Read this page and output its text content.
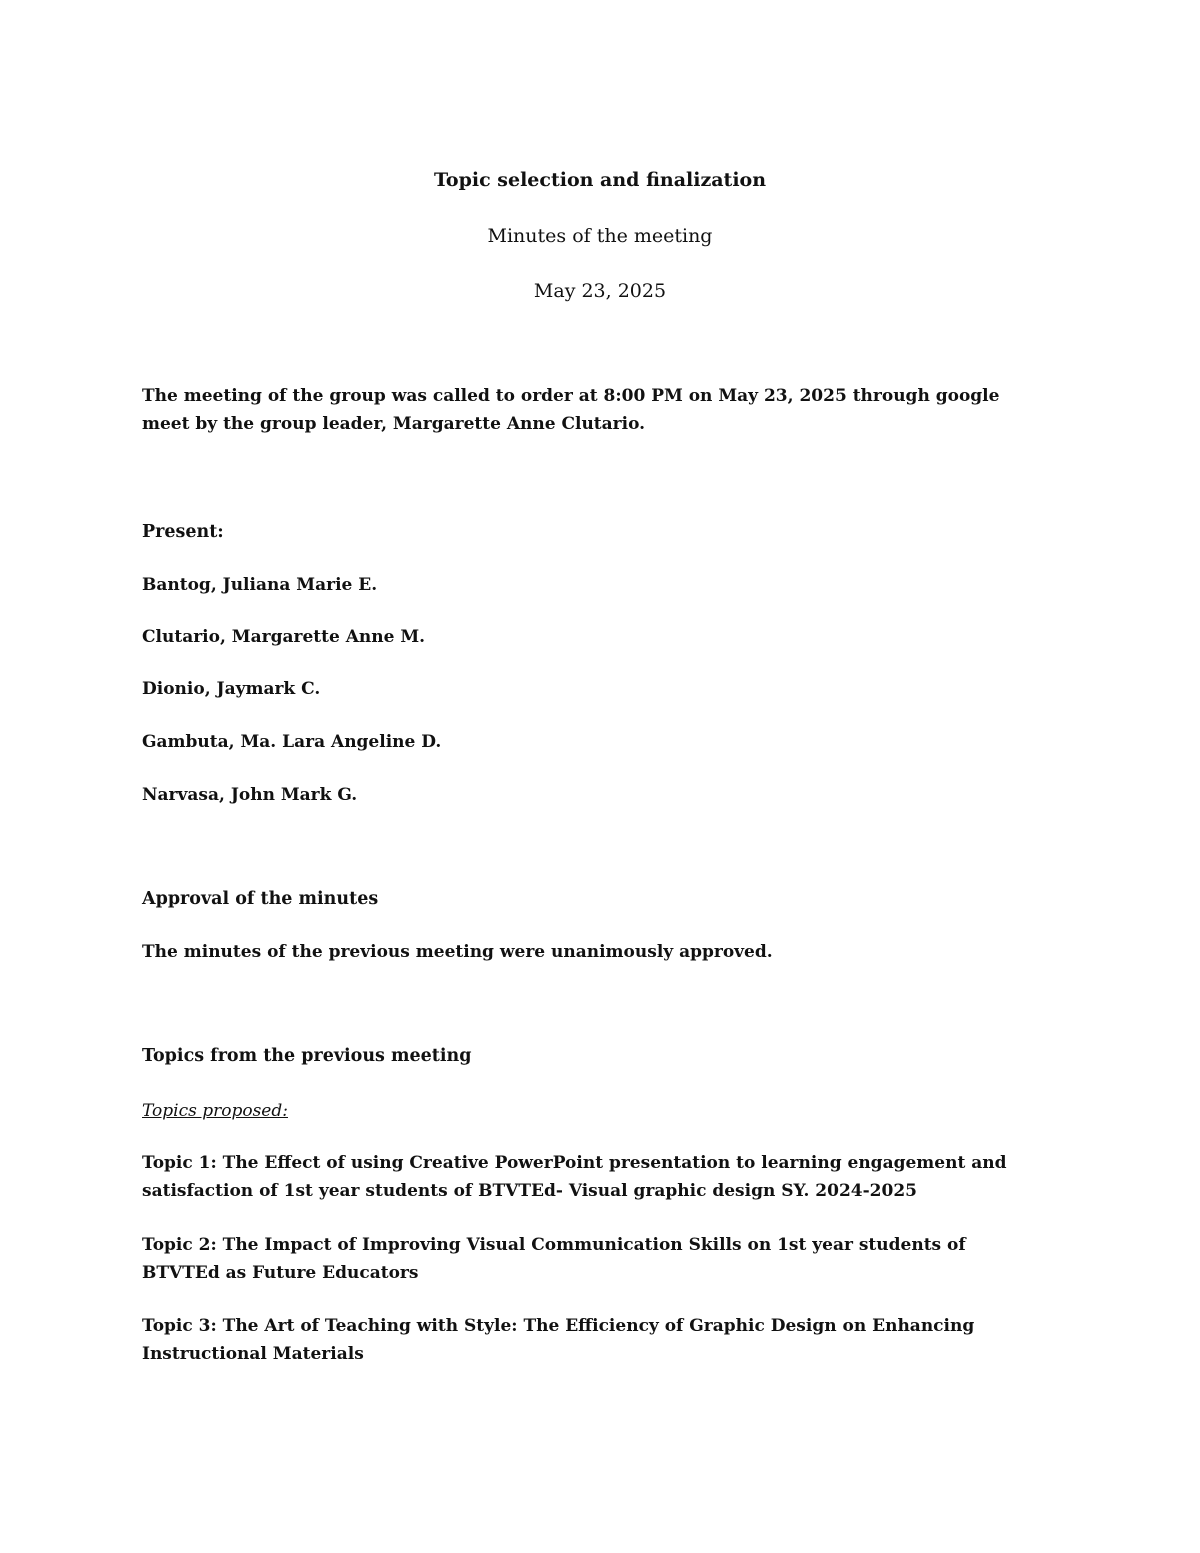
Topic selection and finalization
Minutes of the meeting
May 23, 2025
The meeting of the group was called to order at 8:00 PM on May 23, 2025 through google meet by the group leader, Margarette Anne Clutario.
Present:
Bantog, Juliana Marie E.
Clutario, Margarette Anne M.
Dionio, Jaymark C.
Gambuta, Ma. Lara Angeline D.
Narvasa, John Mark G.
Approval of the minutes
The minutes of the previous meeting were unanimously approved.
Topics from the previous meeting
Topics proposed:
Topic 1: The Effect of using Creative PowerPoint presentation to learning engagement and satisfaction of 1st year students of BTVTEd- Visual graphic design SY. 2024-2025
Topic 2: The Impact of Improving Visual Communication Skills on 1st year students of BTVTEd as Future Educators
Topic 3: The Art of Teaching with Style: The Efficiency of Graphic Design on Enhancing Instructional Materials
